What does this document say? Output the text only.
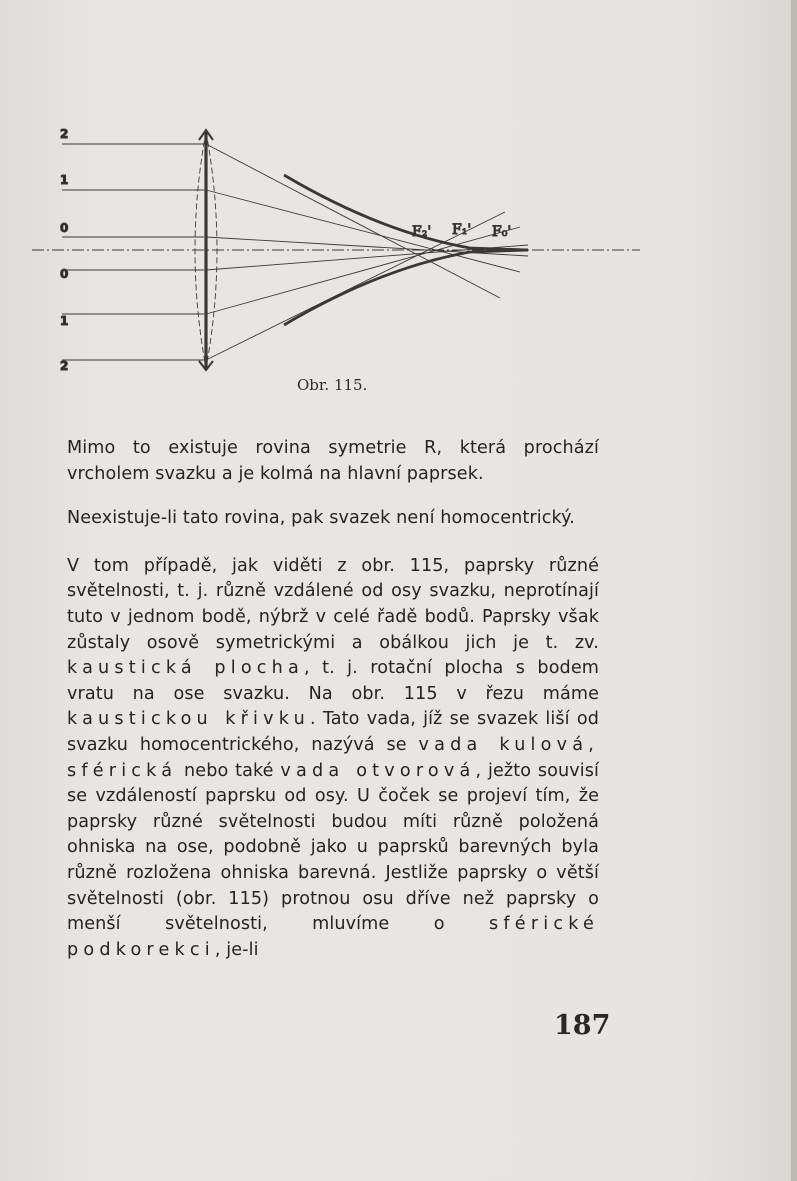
2
1
0
0
1
2
F₂' F₁' F₀'
Obr. 115.

Mimo to existuje rovina symetrie R, která prochází vrcholem svazku a je kolmá na hlavní paprsek.

Neexistuje-li tato rovina, pak svazek není homocentrický.

V tom případě, jak viděti z obr. 115, paprsky různé světelnosti, t. j. různě vzdálené od osy svazku, neprotínají tuto v jednom bodě, nýbrž v celé řadě bodů. Paprsky však zůstaly osově symetrickými a obálkou jich je t. zv. kaustická plocha, t. j. rotační plocha s bodem vratu na ose svazku. Na obr. 115 v řezu máme kaustickou křivku. Tato vada, jíž se svazek liší od svazku homocentrického, nazývá se vada kulová, sférická nebo také vada otvorová, ježto souvisí se vzdáleností paprsku od osy. U čoček se projeví tím, že paprsky různé světelnosti budou míti různě položená ohniska na ose, podobně jako u paprsků barevných byla různě rozložena ohniska barevná. Jestliže paprsky o větší světelnosti (obr. 115) protnou osu dříve než paprsky o menší světelnosti, mluvíme o sférické podkorekci, je-li

187
